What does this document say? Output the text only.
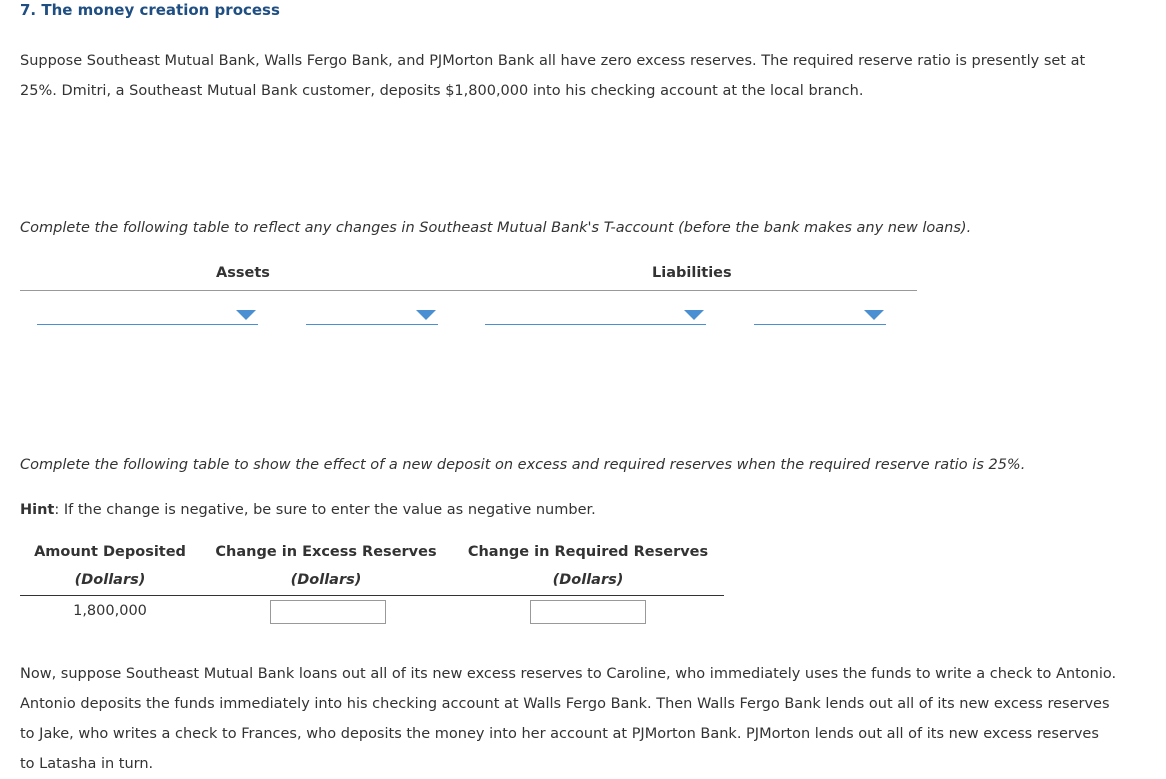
7. The money creation process
Suppose Southeast Mutual Bank, Walls Fergo Bank, and PJMorton Bank all have zero excess reserves. The required reserve ratio is presently set at
25%. Dmitri, a Southeast Mutual Bank customer, deposits $1,800,000 into his checking account at the local branch.
Complete the following table to reflect any changes in Southeast Mutual Bank's T-account (before the bank makes any new loans).
Assets	Liabilities
Complete the following table to show the effect of a new deposit on excess and required reserves when the required reserve ratio is 25%.
Hint: If the change is negative, be sure to enter the value as negative number.
Amount Deposited
(Dollars)
Change in Excess Reserves
(Dollars)
Change in Required Reserves
(Dollars)
1,800,000
Now, suppose Southeast Mutual Bank loans out all of its new excess reserves to Caroline, who immediately uses the funds to write a check to Antonio.
Antonio deposits the funds immediately into his checking account at Walls Fergo Bank. Then Walls Fergo Bank lends out all of its new excess reserves
to Jake, who writes a check to Frances, who deposits the money into her account at PJMorton Bank. PJMorton lends out all of its new excess reserves
to Latasha in turn.
